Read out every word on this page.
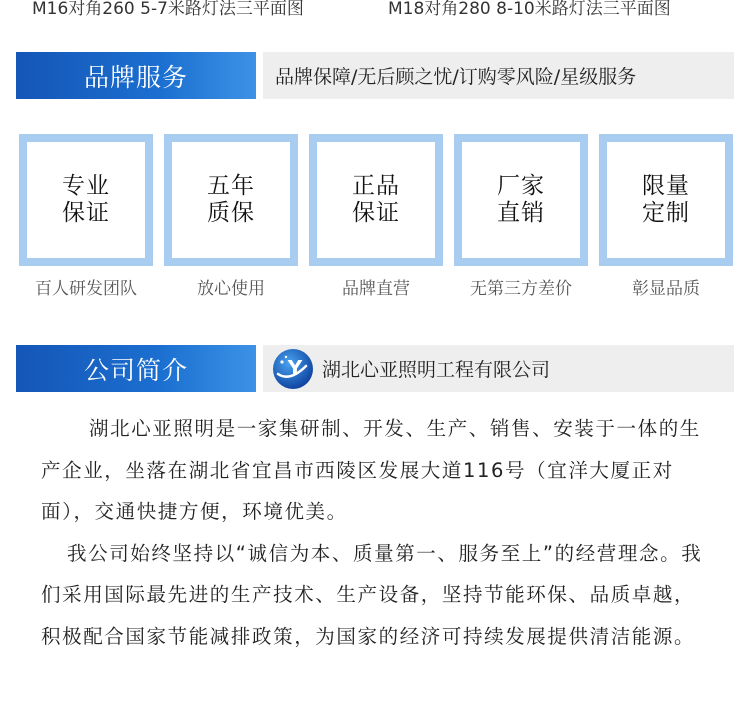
M16对角260 5-7米路灯法三平面图	M18对角280 8-10米路灯法三平面图
品牌服务	品牌保障/无后顾之忧/订购零风险/星级服务
专业
保证
百人研发团队
五年
质保
放心使用
正品
保证
品牌直营
厂家
直销
无第三方差价
限量
定制
彰显品质
公司简介	Y 湖北心亚照明工程有限公司

湖北心亚照明是一家集研制、开发、生产、销售、安装于一体的生产企业，坐落在湖北省宜昌市西陵区发展大道116号（宜洋大厦正对面），交通快捷方便，环境优美。

我公司始终坚持以“诚信为本、质量第一、服务至上”的经营理念。我们采用国际最先进的生产技术、生产设备，坚持节能环保、品质卓越，积极配合国家节能减排政策，为国家的经济可持续发展提供清洁能源。
